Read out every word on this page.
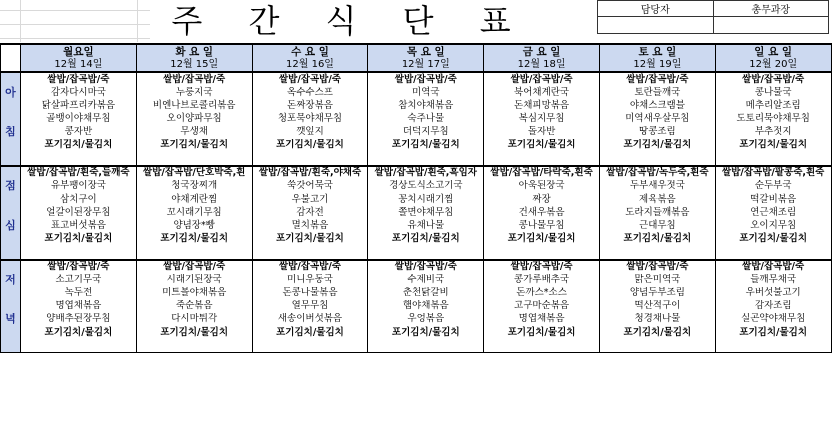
주 간 식 단 표	담당자	총무과장

	월요일	화 요 일	수 요 일	목 요 일	금 요 일	토 요 일	일 요 일
	12월 14일	12월 15일	12월 16일	12월 17일	12월 18일	12월 19일	12월 20일
	쌀밥/잡곡밥/죽	쌀밥/잡곡밥/죽	쌀밥/잡곡밥/죽	쌀밥/잡곡밥/죽	쌀밥/잡곡밥/죽	쌀밥/잡곡밥/죽	쌀밥/잡곡밥/죽
아	감자다시마국	누룽지국	옥수수스프	미역국	북어채계란국	토란들깨국	콩나물국
	닭살파프리카볶음	비엔나브로콜리볶음	돈짜장볶음	참치야채볶음	돈채피망볶음	야채스크램블	메추리알조림
	골뱅이야채무침	오이양파무침	청포묵야채무침	숙주나물	복심지무침	미역새우살무침	도토리묵야채무침
침	콩자반	무생채	깻잎지	더덕지무침	돌자반	땅콩조림	부추젓지
	포기김치/물김치	포기김치/물김치	포기김치/물김치	포기김치/물김치	포기김치/물김치	포기김치/물김치	포기김치/물김치

	쌀밥/잡곡밥/흰죽,들깨죽	쌀밥/잡곡밥/단호박죽,흰	쌀밥/잡곡밥/흰죽,야채죽	쌀밥/잡곡밥/흰죽,흑임자	쌀밥/잡곡밥/타락죽,흰죽	쌀밥/잡곡밥/녹두죽,흰죽	쌀밥/잡곡밥/팥콩죽,흰죽
점	유부팽이장국	청국장찌개	쑥갓어묵국	경상도식소고기국	아욱된장국	두부새우젓국	순두부국
	삼치구이	야채계란찜	우불고기	꽁치시래기찜	짜장	제육볶음	떡갈비볶음
	얼갈이된장무침	꼬시래기무침	감자전	쫄면야채무침	건새우볶음	도라지들깨볶음	연근채조림
심	표고버섯볶음	양념장*빵	멸치볶음	유채나물	콩나물무침	근대무침	오이지무침
	포기김치/물김치	포기김치/물김치	포기김치/물김치	포기김치/물김치	포기김치/물김치	포기김치/물김치	포기김치/물김치

	쌀밥/잡곡밥/죽	쌀밥/잡곡밥/죽	쌀밥/잡곡밥/죽	쌀밥/잡곡밥/죽	쌀밥/잡곡밥/죽	쌀밥/잡곡밥/죽	쌀밥/잡곡밥/죽
저	소고기무국	시래기된장국	미니우동국	수제비국	콩가루배추국	맑은미역국	들깨무채국
	녹두전	미트볼야채볶음	돈콩나물볶음	춘천닭갈비	돈까스*소스	양념두부조림	우버섯불고기
	명엽채볶음	죽순볶음	열무무침	햄야채볶음	고구마순볶음	떡산적구이	감자조림
녁	양배추된장무침	다시마튀각	새송이버섯볶음	우엉볶음	명엽채볶음	청경채나물	실곤약야채무침
	포기김치/물김치	포기김치/물김치	포기김치/물김치	포기김치/물김치	포기김치/물김치	포기김치/물김치	포기김치/물김치
